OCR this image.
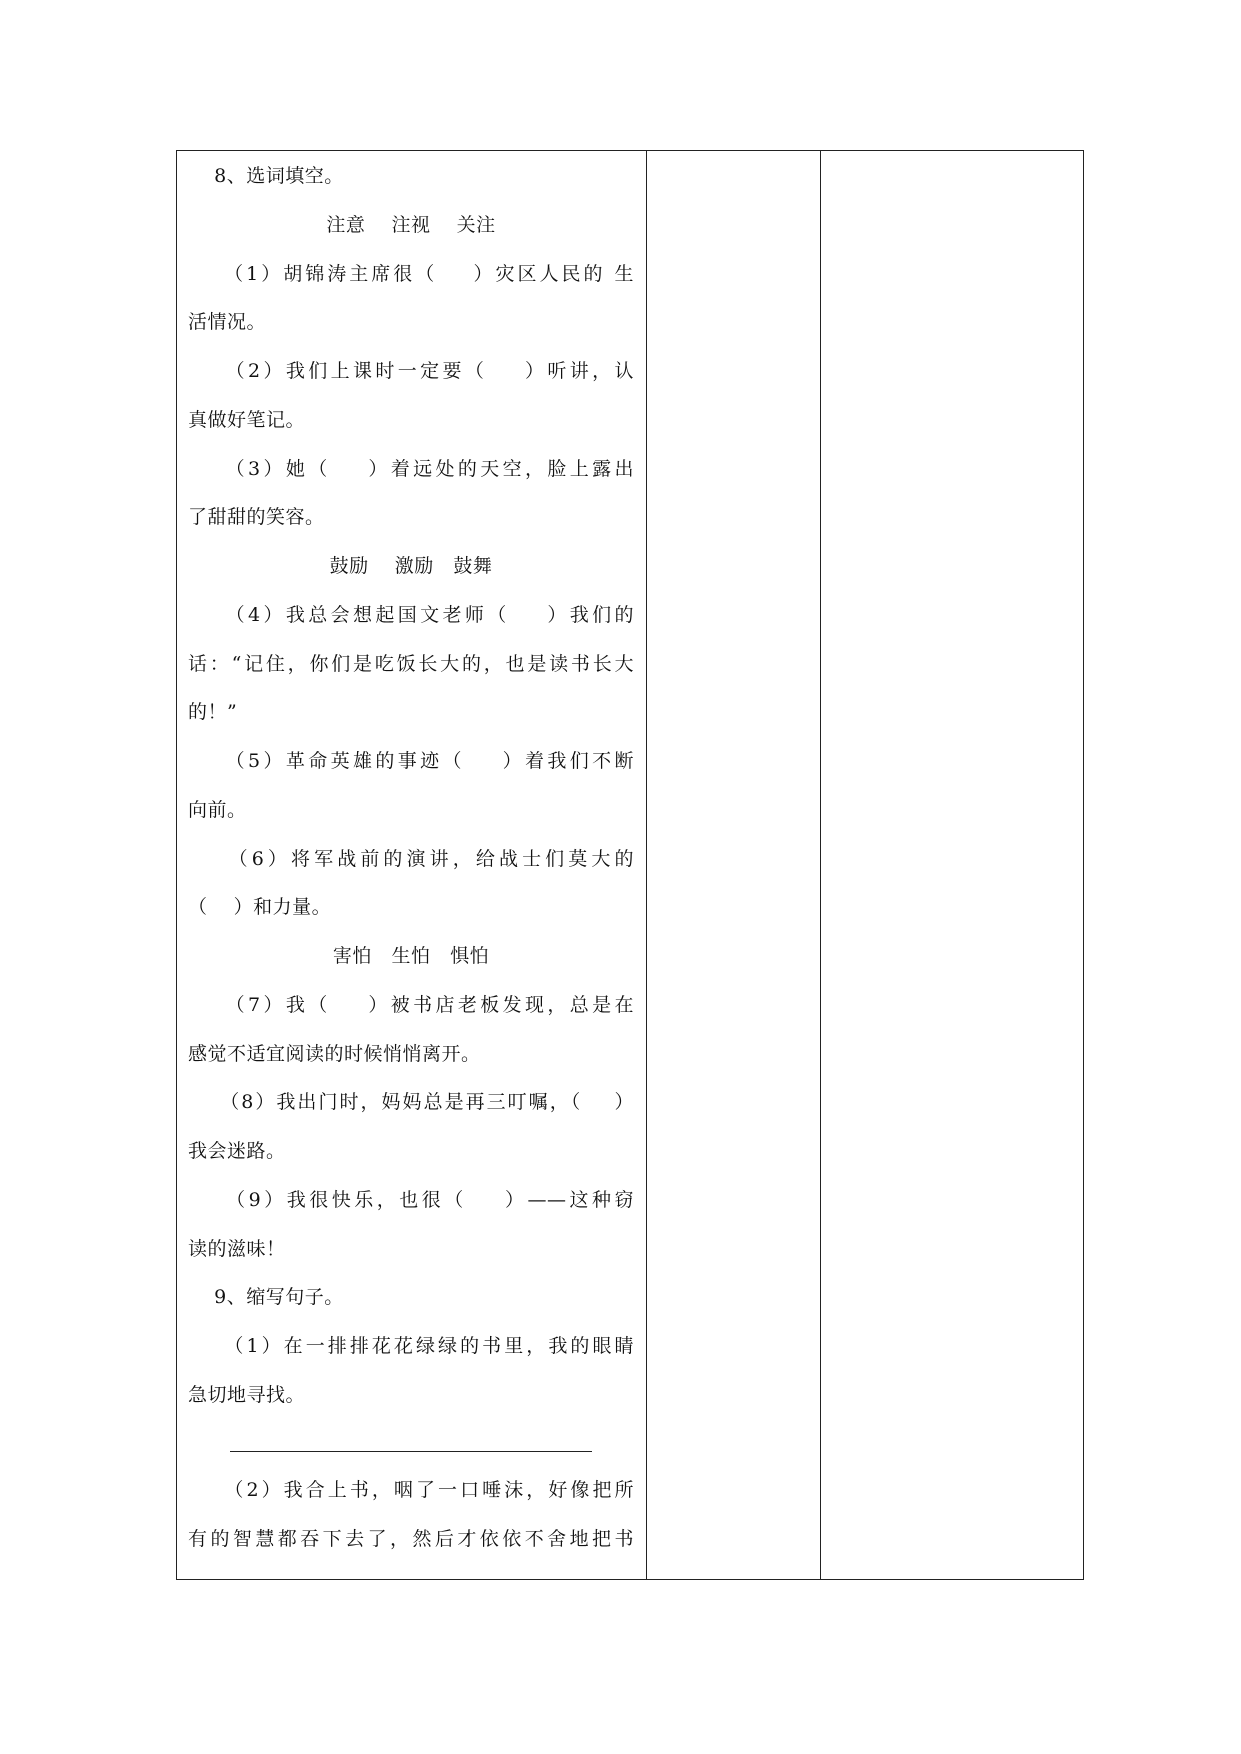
8、选词填空。
注意    注视    关注
（1）胡锦涛主席很（    ）灾区人民的 生
活情况。
（2）我们上课时一定要（    ）听讲，认
真做好笔记。
（3）她（    ）着远处的天空，脸上露出
了甜甜的笑容。
鼓励    激励   鼓舞
（4）我总会想起国文老师（    ）我们的
话：“记住，你们是吃饭长大的，也是读书长大
的！”
（5）革命英雄的事迹（    ）着我们不断
向前。
（6）将军战前的演讲，给战士们莫大的
（    ）和力量。
害怕   生怕   惧怕
（7）我（    ）被书店老板发现，总是在
感觉不适宜阅读的时候悄悄离开。
（8）我出门时，妈妈总是再三叮嘱，（    ）
我会迷路。
（9）我很快乐，也很（    ）——这种窃
读的滋味！
9、缩写句子。
（1）在一排排花花绿绿的书里，我的眼睛
急切地寻找。
（2）我合上书，咽了一口唾沫，好像把所
有的智慧都吞下去了，然后才依依不舍地把书
